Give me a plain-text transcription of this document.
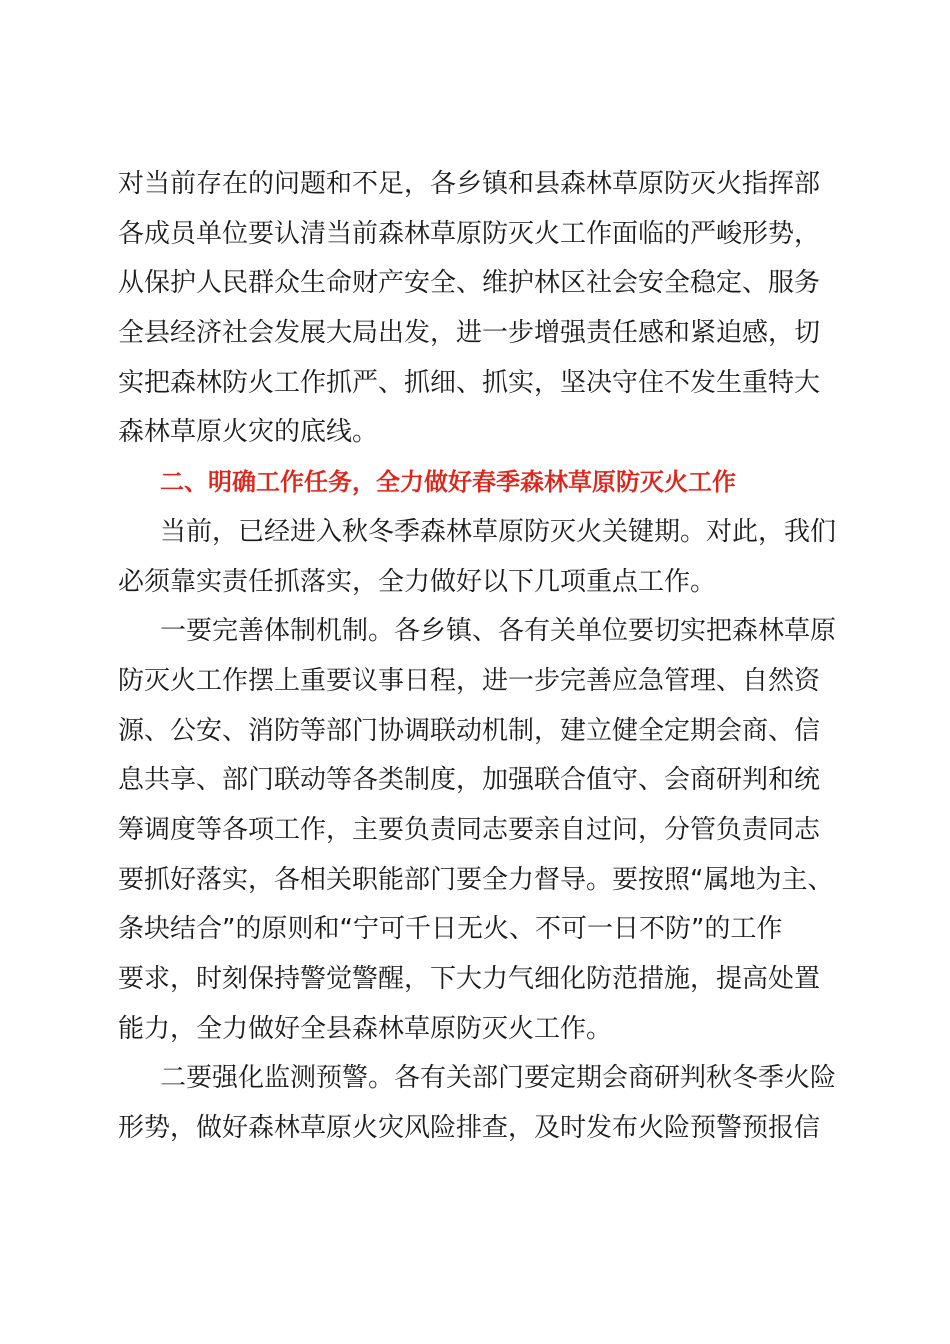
对当前存在的问题和不足，各乡镇和县森林草原防灭火指挥部
各成员单位要认清当前森林草原防灭火工作面临的严峻形势，
从保护人民群众生命财产安全、维护林区社会安全稳定、服务
全县经济社会发展大局出发，进一步增强责任感和紧迫感，切
实把森林防火工作抓严、抓细、抓实，坚决守住不发生重特大
森林草原火灾的底线。
二、明确工作任务，全力做好春季森林草原防灭火工作
当前，已经进入秋冬季森林草原防灭火关键期。对此，我们
必须靠实责任抓落实，全力做好以下几项重点工作。
一要完善体制机制。各乡镇、各有关单位要切实把森林草原
防灭火工作摆上重要议事日程，进一步完善应急管理、自然资
源、公安、消防等部门协调联动机制，建立健全定期会商、信
息共享、部门联动等各类制度，加强联合值守、会商研判和统
筹调度等各项工作，主要负责同志要亲自过问，分管负责同志
要抓好落实，各相关职能部门要全力督导。要按照“属地为主、
条块结合”的原则和“宁可千日无火、不可一日不防”的工作
要求，时刻保持警觉警醒，下大力气细化防范措施，提高处置
能力，全力做好全县森林草原防灭火工作。
二要强化监测预警。各有关部门要定期会商研判秋冬季火险
形势，做好森林草原火灾风险排查，及时发布火险预警预报信
